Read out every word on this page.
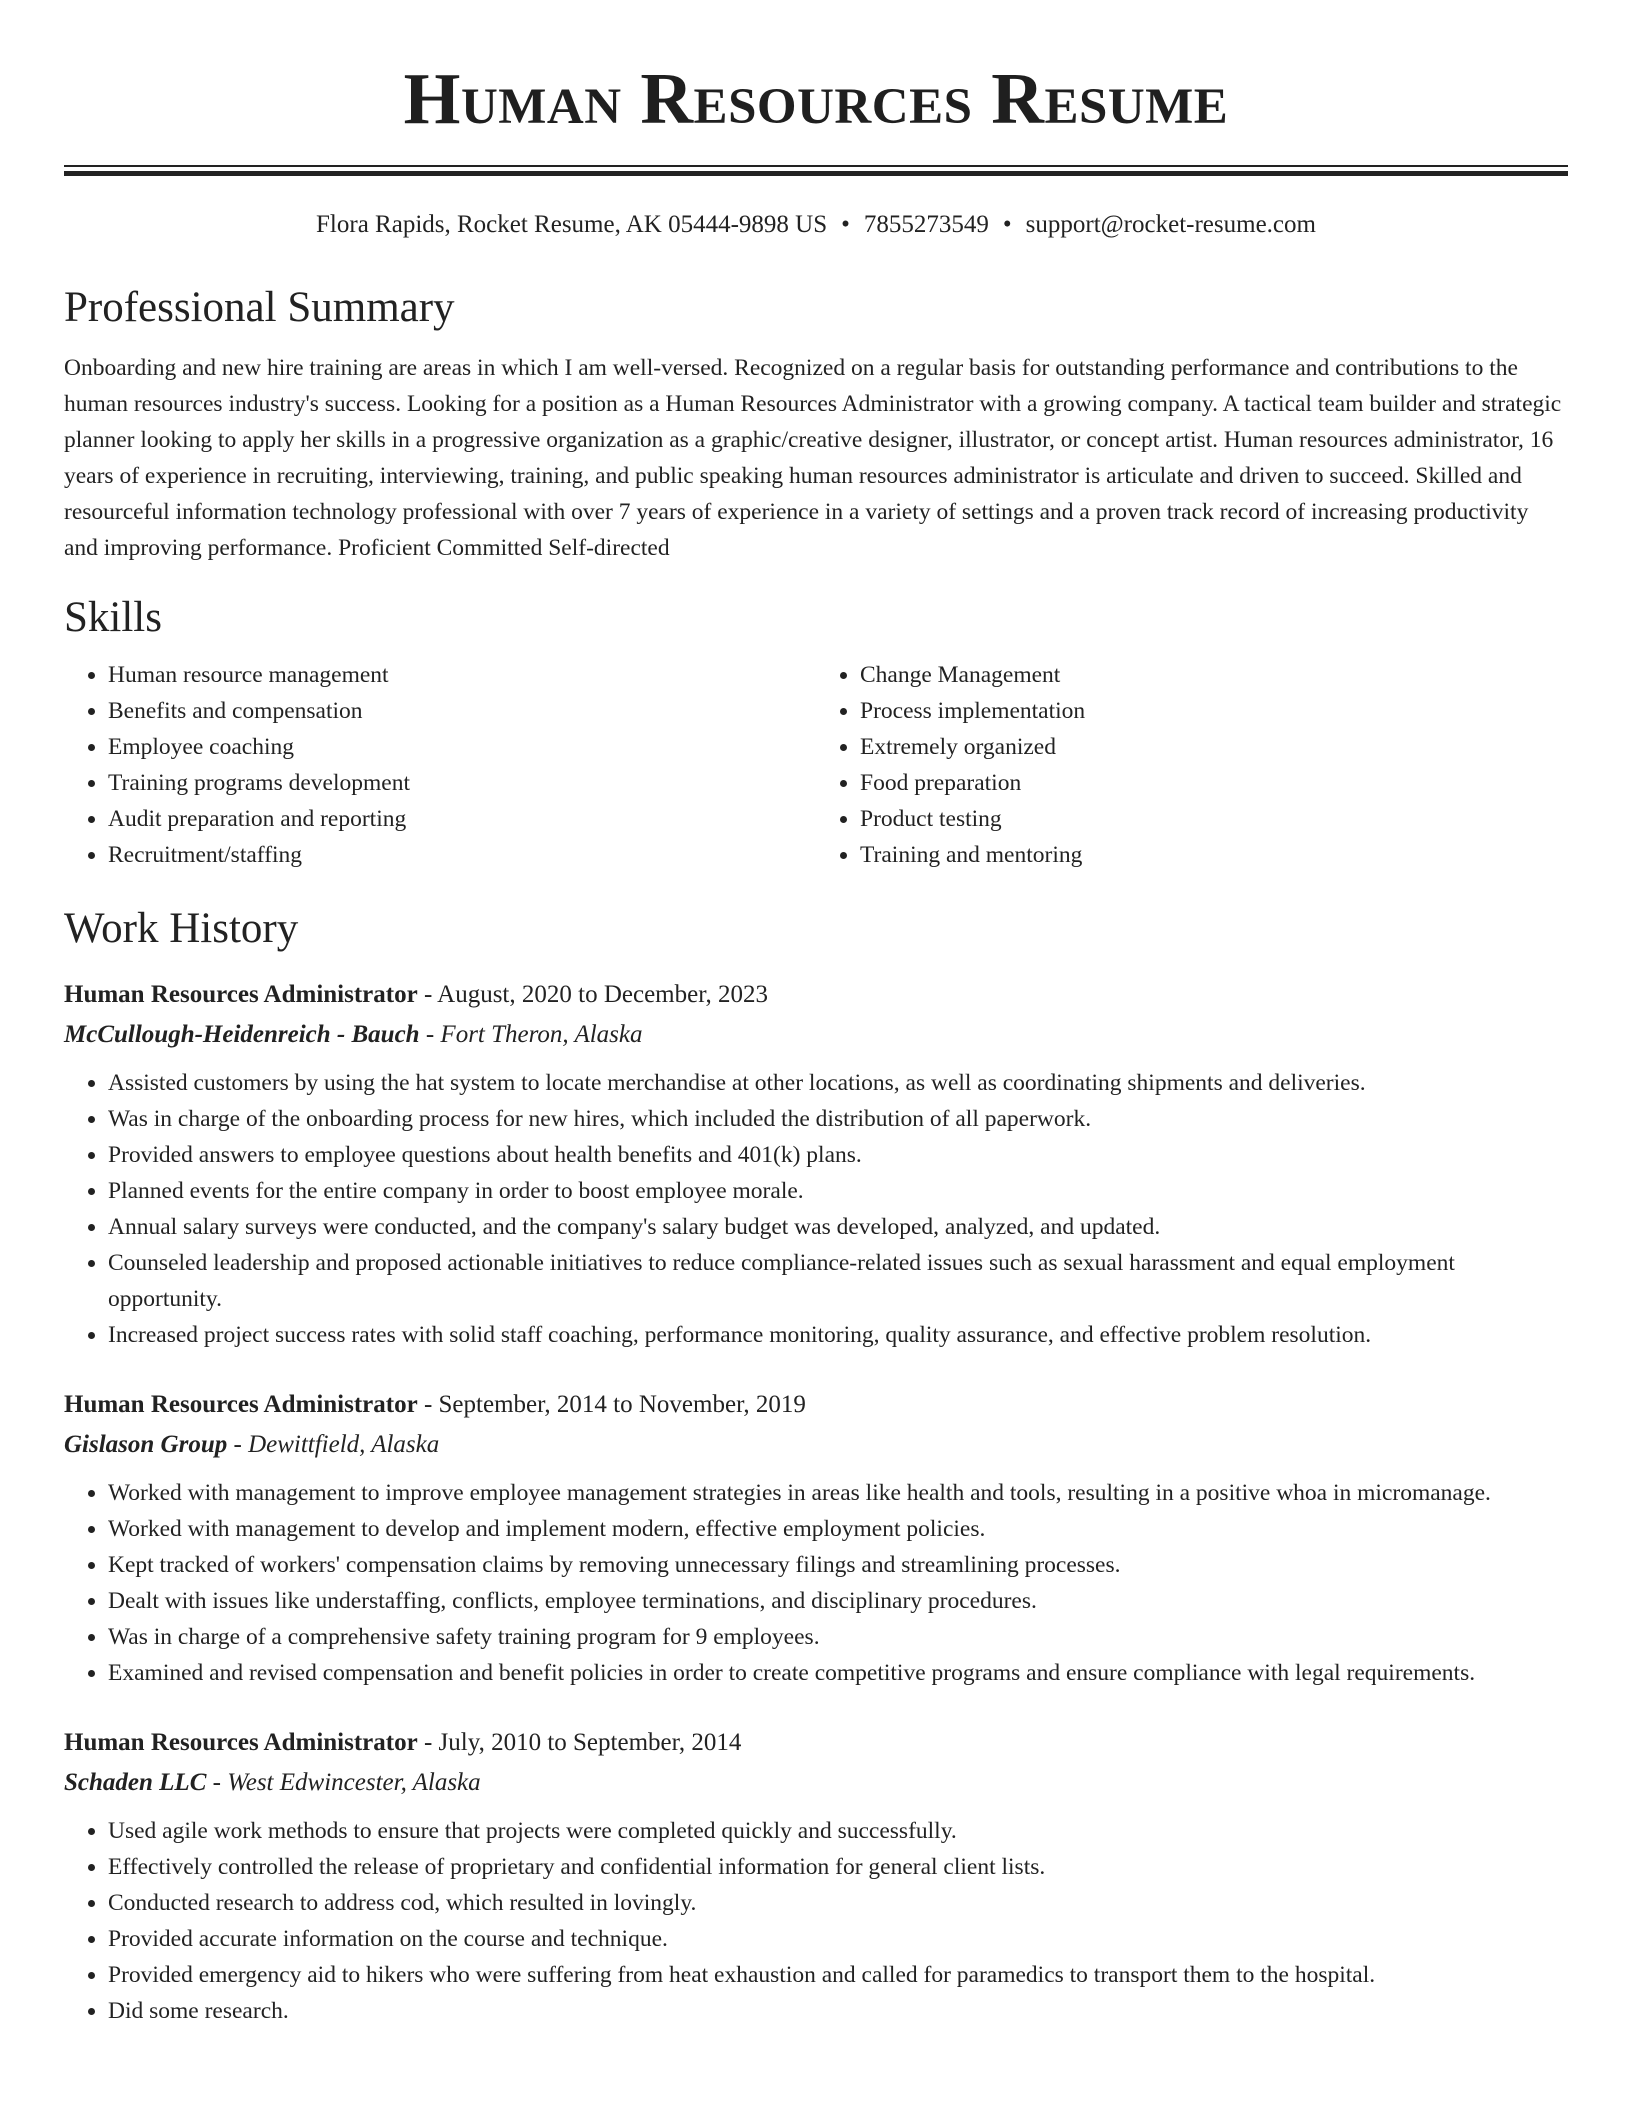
Human Resources Resume
Flora Rapids, Rocket Resume, AK 05444-9898 US • 7855273549 • support@rocket-resume.com
Professional Summary

Onboarding and new hire training are areas in which I am well-versed. Recognized on a regular basis for outstanding performance and contributions to the human resources industry's success. Looking for a position as a Human Resources Administrator with a growing company. A tactical team builder and strategic planner looking to apply her skills in a progressive organization as a graphic/creative designer, illustrator, or concept artist. Human resources administrator, 16 years of experience in recruiting, interviewing, training, and public speaking human resources administrator is articulate and driven to succeed. Skilled and resourceful information technology professional with over 7 years of experience in a variety of settings and a proven track record of increasing productivity and improving performance. Proficient Committed Self-directed

Skills
• Human resource management
• Benefits and compensation
• Employee coaching
• Training programs development
• Audit preparation and reporting
• Recruitment/staffing
• Change Management
• Process implementation
• Extremely organized
• Food preparation
• Product testing
• Training and mentoring
Work History
Human Resources Administrator - August, 2020 to December, 2023
McCullough-Heidenreich - Bauch - Fort Theron, Alaska
• Assisted customers by using the hat system to locate merchandise at other locations, as well as coordinating shipments and deliveries.
• Was in charge of the onboarding process for new hires, which included the distribution of all paperwork.
• Provided answers to employee questions about health benefits and 401(k) plans.
• Planned events for the entire company in order to boost employee morale.
• Annual salary surveys were conducted, and the company's salary budget was developed, analyzed, and updated.
• Counseled leadership and proposed actionable initiatives to reduce compliance-related issues such as sexual harassment and equal employment opportunity.
• Increased project success rates with solid staff coaching, performance monitoring, quality assurance, and effective problem resolution.
Human Resources Administrator - September, 2014 to November, 2019
Gislason Group - Dewittfield, Alaska
• Worked with management to improve employee management strategies in areas like health and tools, resulting in a positive whoa in micromanage.
• Worked with management to develop and implement modern, effective employment policies.
• Kept tracked of workers' compensation claims by removing unnecessary filings and streamlining processes.
• Dealt with issues like understaffing, conflicts, employee terminations, and disciplinary procedures.
• Was in charge of a comprehensive safety training program for 9 employees.
• Examined and revised compensation and benefit policies in order to create competitive programs and ensure compliance with legal requirements.
Human Resources Administrator - July, 2010 to September, 2014
Schaden LLC - West Edwincester, Alaska
• Used agile work methods to ensure that projects were completed quickly and successfully.
• Effectively controlled the release of proprietary and confidential information for general client lists.
• Conducted research to address cod, which resulted in lovingly.
• Provided accurate information on the course and technique.
• Provided emergency aid to hikers who were suffering from heat exhaustion and called for paramedics to transport them to the hospital.
• Did some research.
